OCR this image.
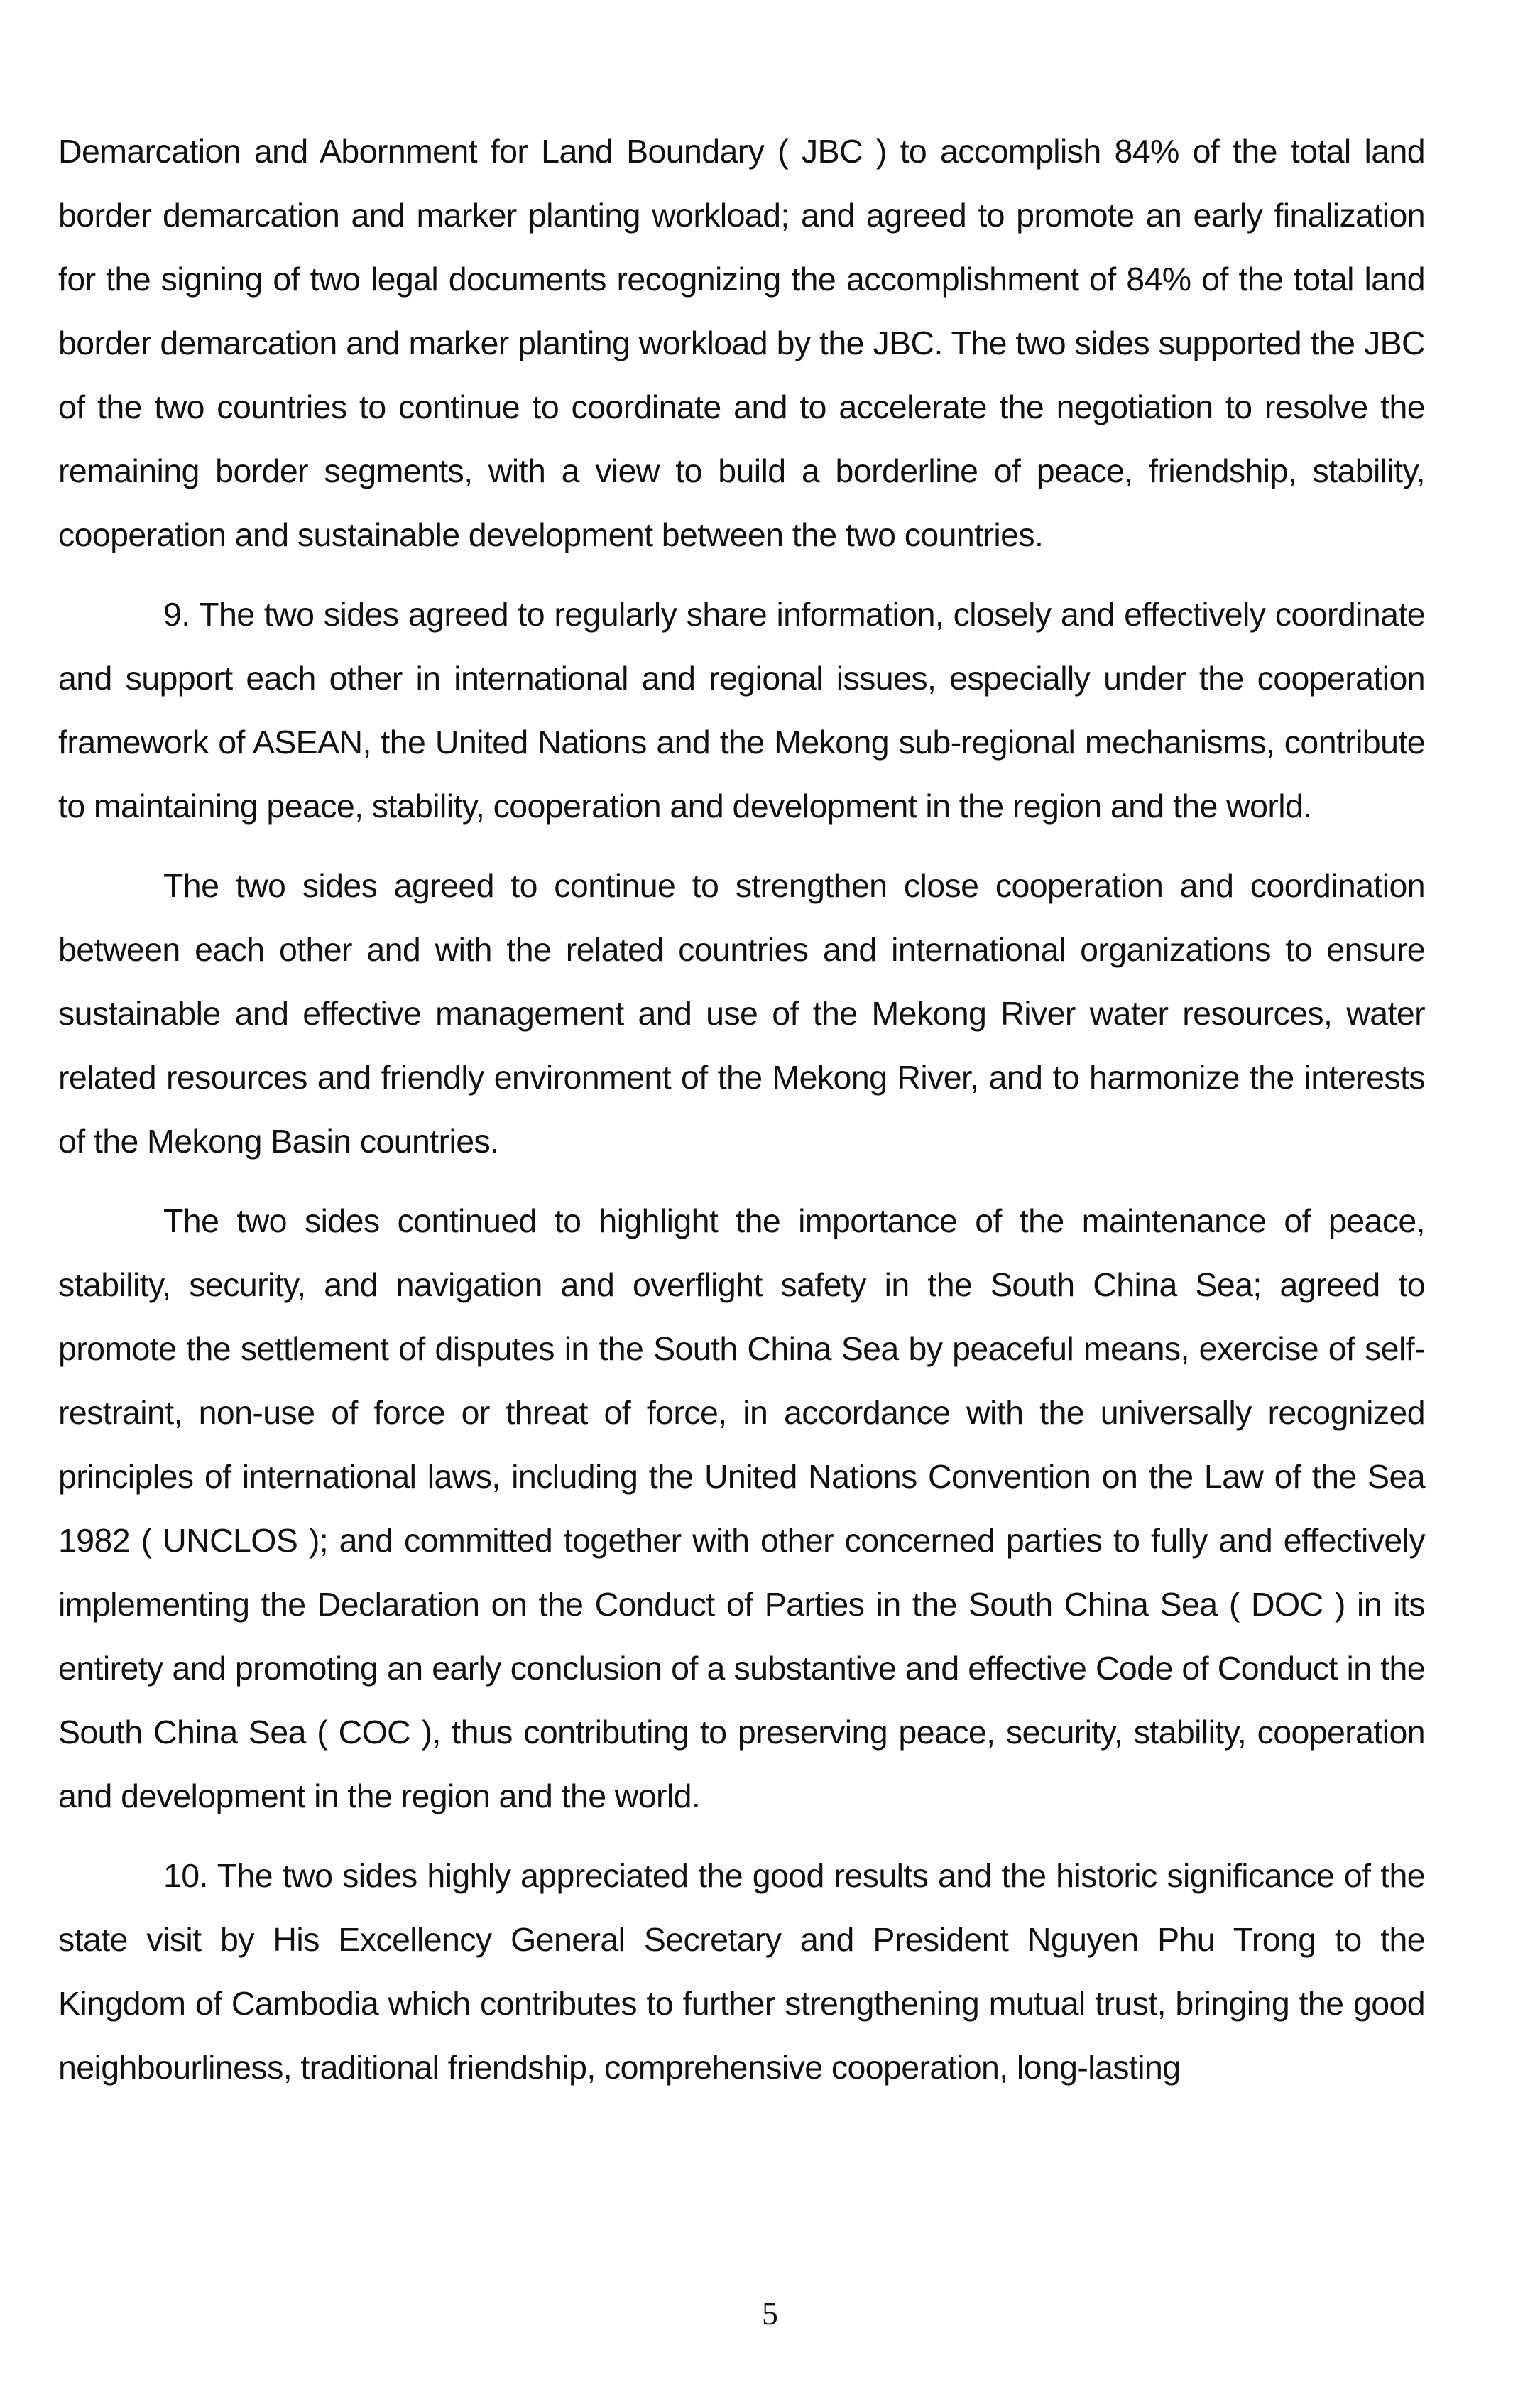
Demarcation and Abornment for Land Boundary ( JBC ) to accomplish 84% of the total land border demarcation and marker planting workload; and agreed to promote an early finalization for the signing of two legal documents recognizing the accomplishment of 84% of the total land border demarcation and marker planting workload by the JBC. The two sides supported the JBC of the two countries to continue to coordinate and to accelerate the negotiation to resolve the remaining border segments, with a view to build a borderline of peace, friendship, stability, cooperation and sustainable development between the two countries.

9. The two sides agreed to regularly share information, closely and effectively coordinate and support each other in international and regional issues, especially under the cooperation framework of ASEAN, the United Nations and the Mekong sub-regional mechanisms, contribute to maintaining peace, stability, cooperation and development in the region and the world.

The two sides agreed to continue to strengthen close cooperation and coordination between each other and with the related countries and international organizations to ensure sustainable and effective management and use of the Mekong River water resources, water related resources and friendly environment of the Mekong River, and to harmonize the interests of the Mekong Basin countries.

The two sides continued to highlight the importance of the maintenance of peace, stability, security, and navigation and overflight safety in the South China Sea; agreed to promote the settlement of disputes in the South China Sea by peaceful means, exercise of self-restraint, non-use of force or threat of force, in accordance with the universally recognized principles of international laws, including the United Nations Convention on the Law of the Sea 1982 ( UNCLOS ); and committed together with other concerned parties to fully and effectively implementing the Declaration on the Conduct of Parties in the South China Sea ( DOC ) in its entirety and promoting an early conclusion of a substantive and effective Code of Conduct in the South China Sea ( COC ), thus contributing to preserving peace, security, stability, cooperation and development in the region and the world.

10. The two sides highly appreciated the good results and the historic significance of the state visit by His Excellency General Secretary and President Nguyen Phu Trong to the Kingdom of Cambodia which contributes to further strengthening mutual trust, bringing the good neighbourliness, traditional friendship, comprehensive cooperation, long-lasting

5
